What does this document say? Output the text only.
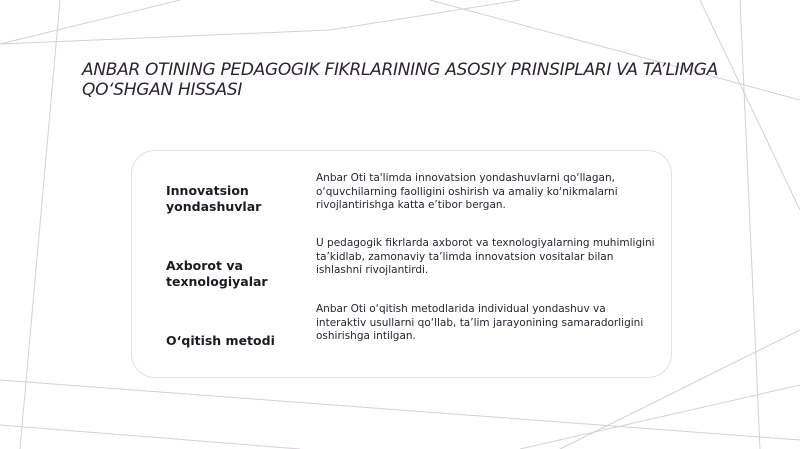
ANBAR OTINING PEDAGOGIK FIKRLARINING ASOSIY PRINSIPLARI VA TA’LIMGA QO‘SHGAN HISSASI
Innovatsion yondashuvlar
Anbar Oti ta'limda innovatsion yondashuvlarni qo‘llagan, o‘quvchilarning faolligini oshirish va amaliy ko‘nikmalarni rivojlantirishga katta e’tibor bergan.
Axborot va texnologiyalar
U pedagogik fikrlarda axborot va texnologiyalarning muhimligini ta’kidlab, zamonaviy ta’limda innovatsion vositalar bilan ishlashni rivojlantirdi.
O‘qitish metodi
Anbar Oti o‘qitish metodlarida individual yondashuv va interaktiv usullarni qo‘llab, ta’lim jarayonining samaradorligini oshirishga intilgan.
